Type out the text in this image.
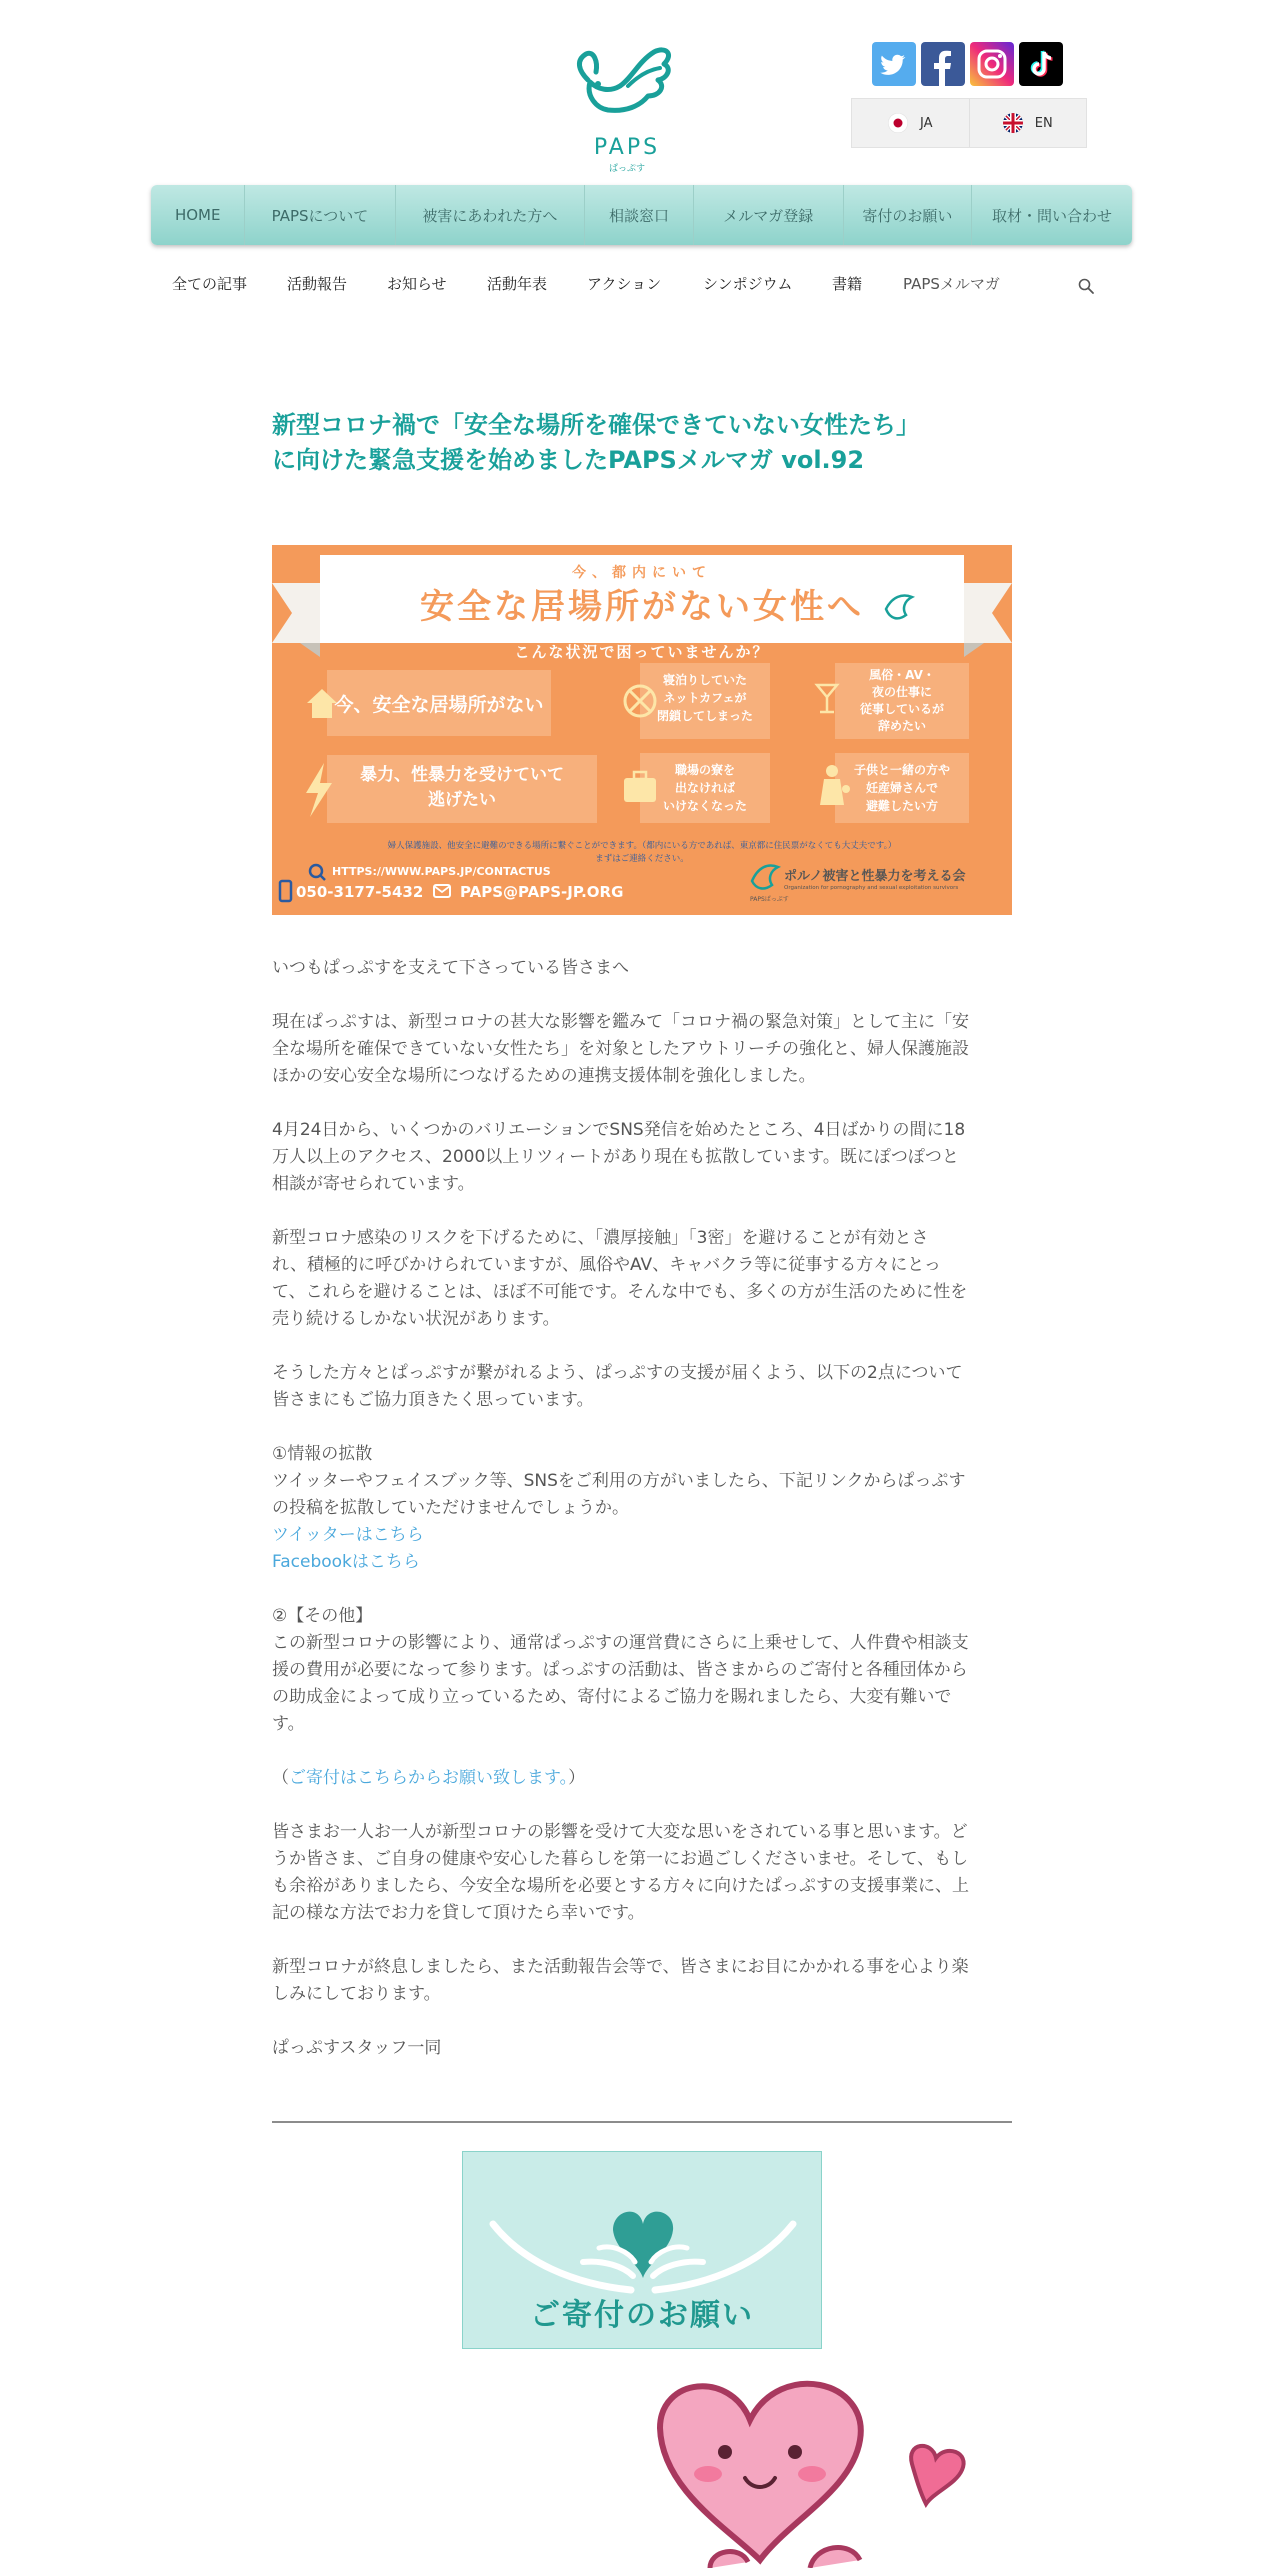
PAPS
ぱっぷす
JA	EN
HOME	PAPSについて	被害にあわれた方へ	相談窓口	メルマガ登録	寄付のお願い	取材・問い合わせ
全ての記事	活動報告	お知らせ	活動年表	アクション	シンポジウム	書籍	PAPSメルマガ
新型コロナ禍で「安全な場所を確保できていない女性たち」
に向けた緊急支援を始めましたPAPSメルマガ vol.92
今、都内にいて
安全な居場所がない女性へ
こんな状況で困っていませんか？
今、安全な居場所がない
寝泊りしていた
ネットカフェが
閉鎖してしまった
風俗・AV・
夜の仕事に
従事しているが
辞めたい
暴力、性暴力を受けていて
逃げたい
職場の寮を
出なければ
いけなくなった
子供と一緒の方や
妊産婦さんで
避難したい方
婦人保護施設、他安全に避難のできる場所に繋ぐことができます。（都内にいる方であれば、東京都に住民票がなくても大丈夫です。）
まずはご連絡ください。
HTTPS://WWW.PAPS.JP/CONTACTUS
050-3177-5432 PAPS@PAPS-JP.ORG	PAPSぱっぷす
ポルノ被害と性暴力を考える会
Organization for pornography and sexual exploitation survivors

いつもぱっぷすを支えて下さっている皆さまへ

現在ぱっぷすは、新型コロナの甚大な影響を鑑みて「コロナ禍の緊急対策」として主に「安
全な場所を確保できていない女性たち」を対象としたアウトリーチの強化と、婦人保護施設
ほかの安心安全な場所につなげるための連携支援体制を強化しました。

4月24日から、いくつかのバリエーションでSNS発信を始めたところ、4日ばかりの間に18
万人以上のアクセス、2000以上リツィートがあり現在も拡散しています。既にぽつぽつと
相談が寄せられています。

新型コロナ感染のリスクを下げるために、「濃厚接触」「3密」を避けることが有効とさ
れ、積極的に呼びかけられていますが、風俗やAV、キャバクラ等に従事する方々にとっ
て、これらを避けることは、ほぼ不可能です。そんな中でも、多くの方が生活のために性を
売り続けるしかない状況があります。

そうした方々とぱっぷすが繋がれるよう、ぱっぷすの支援が届くよう、以下の2点について
皆さまにもご協力頂きたく思っています。

①情報の拡散
ツイッターやフェイスブック等、SNSをご利用の方がいましたら、下記リンクからぱっぷす
の投稿を拡散していただけませんでしょうか。
ツイッターはこちら
Facebookはこちら

②【その他】
この新型コロナの影響により、通常ぱっぷすの運営費にさらに上乗せして、人件費や相談支
援の費用が必要になって参ります。ぱっぷすの活動は、皆さまからのご寄付と各種団体から
の助成金によって成り立っているため、寄付によるご協力を賜れましたら、大変有難いで
す。

（ご寄付はこちらからお願い致します。）

皆さまお一人お一人が新型コロナの影響を受けて大変な思いをされている事と思います。ど
うか皆さま、ご自身の健康や安心した暮らしを第一にお過ごしくださいませ。そして、もし
も余裕がありましたら、今安全な場所を必要とする方々に向けたぱっぷすの支援事業に、上
記の様な方法でお力を貸して頂けたら幸いです。

新型コロナが終息しましたら、また活動報告会等で、皆さまにお目にかかれる事を心より楽
しみにしております。

ぱっぷすスタッフ一同

ご寄付のお願い
